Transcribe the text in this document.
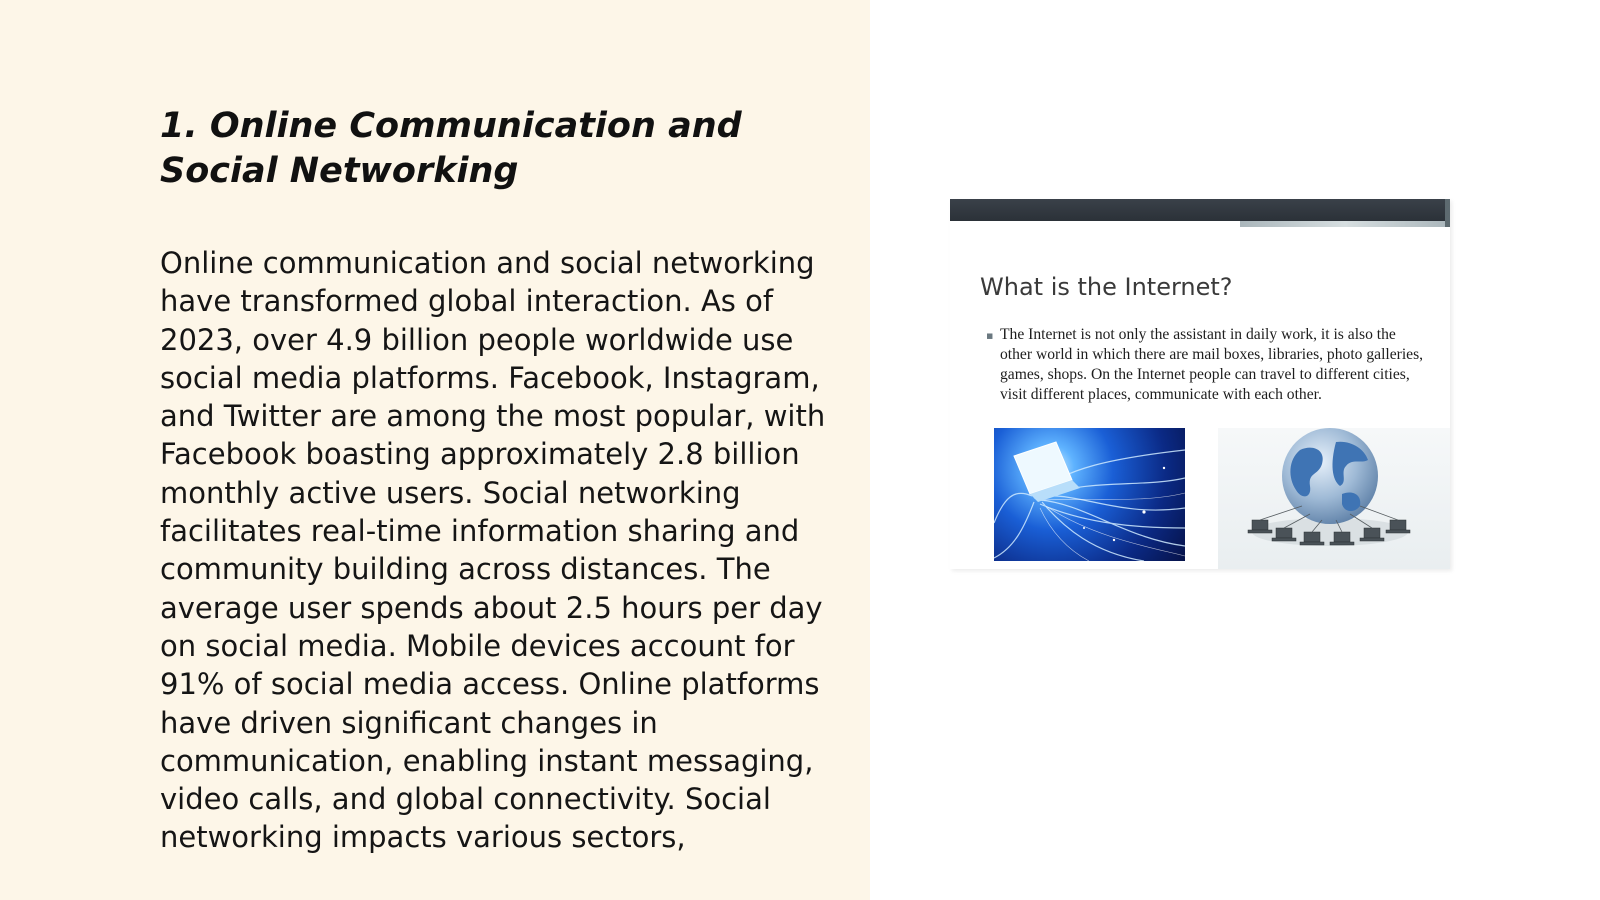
1. Online Communication and Social Networking

Online communication and social networking have transformed global interaction. As of 2023, over 4.9 billion people worldwide use social media platforms. Facebook, Instagram, and Twitter are among the most popular, with Facebook boasting approximately 2.8 billion monthly active users. Social networking facilitates real-time information sharing and community building across distances. The average user spends about 2.5 hours per day on social media. Mobile devices account for 91% of social media access. Online platforms have driven significant changes in communication, enabling instant messaging, video calls, and global connectivity. Social networking impacts various sectors,

What is the Internet?

▪ The Internet is not only the assistant in daily work, it is also the other world in which there are mail boxes, libraries, photo galleries, games, shops. On the Internet people can travel to different cities, visit different places, communicate with each other.
